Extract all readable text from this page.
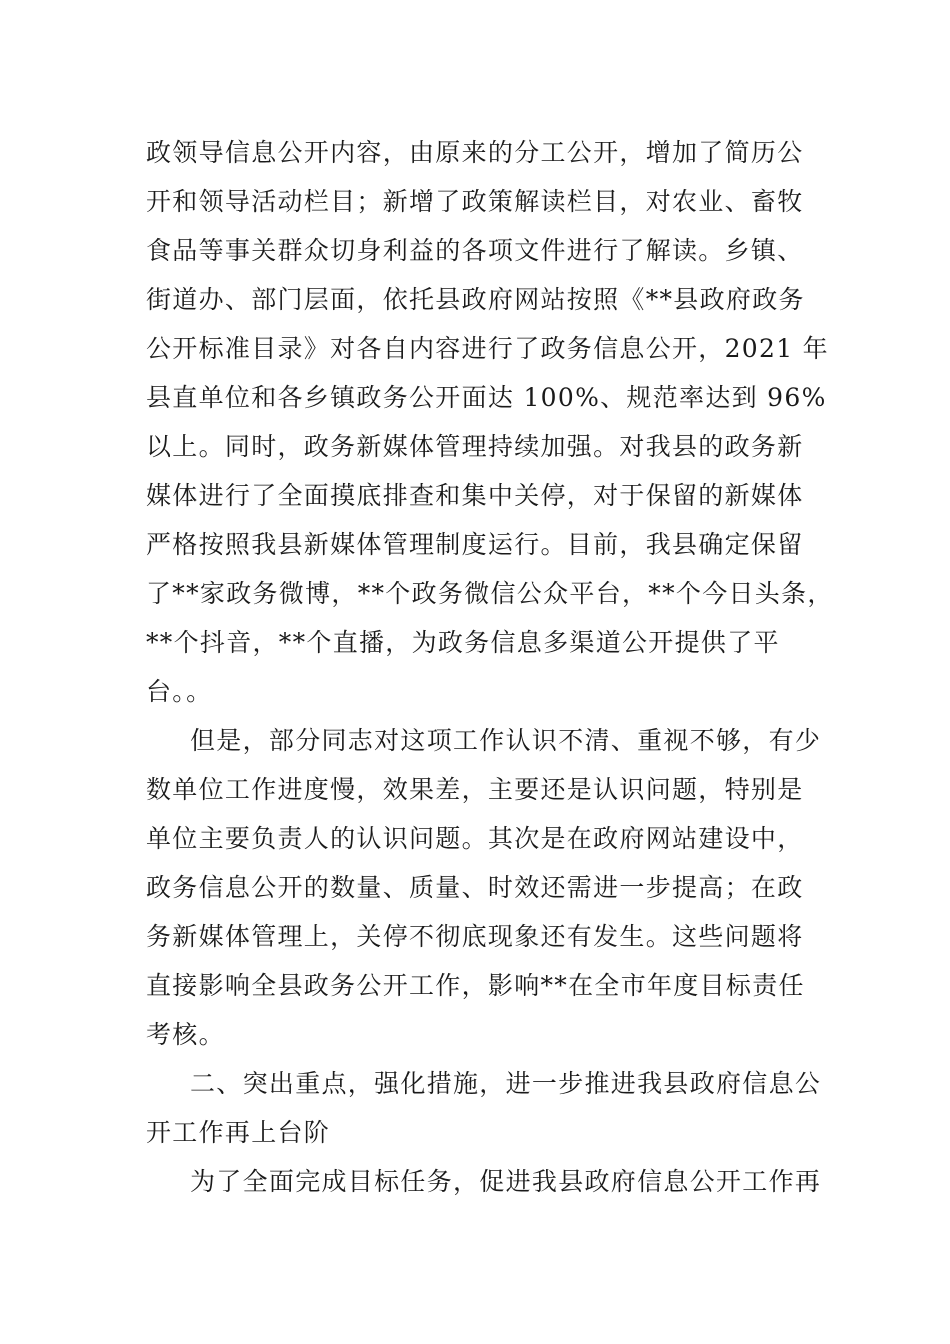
政领导信息公开内容，由原来的分工公开，增加了简历公
开和领导活动栏目；新增了政策解读栏目，对农业、畜牧
食品等事关群众切身利益的各项文件进行了解读。乡镇、
街道办、部门层面，依托县政府网站按照《**县政府政务
公开标准目录》对各自内容进行了政务信息公开，2021 年
县直单位和各乡镇政务公开面达 100%、规范率达到 96%
以上。同时，政务新媒体管理持续加强。对我县的政务新
媒体进行了全面摸底排查和集中关停，对于保留的新媒体
严格按照我县新媒体管理制度运行。目前，我县确定保留
了**家政务微博，**个政务微信公众平台，**个今日头条，
**个抖音，**个直播，为政务信息多渠道公开提供了平
台。。
但是，部分同志对这项工作认识不清、重视不够，有少
数单位工作进度慢，效果差，主要还是认识问题，特别是
单位主要负责人的认识问题。其次是在政府网站建设中，
政务信息公开的数量、质量、时效还需进一步提高；在政
务新媒体管理上，关停不彻底现象还有发生。这些问题将
直接影响全县政务公开工作，影响**在全市年度目标责任
考核。
二、突出重点，强化措施，进一步推进我县政府信息公
开工作再上台阶
为了全面完成目标任务，促进我县政府信息公开工作再
